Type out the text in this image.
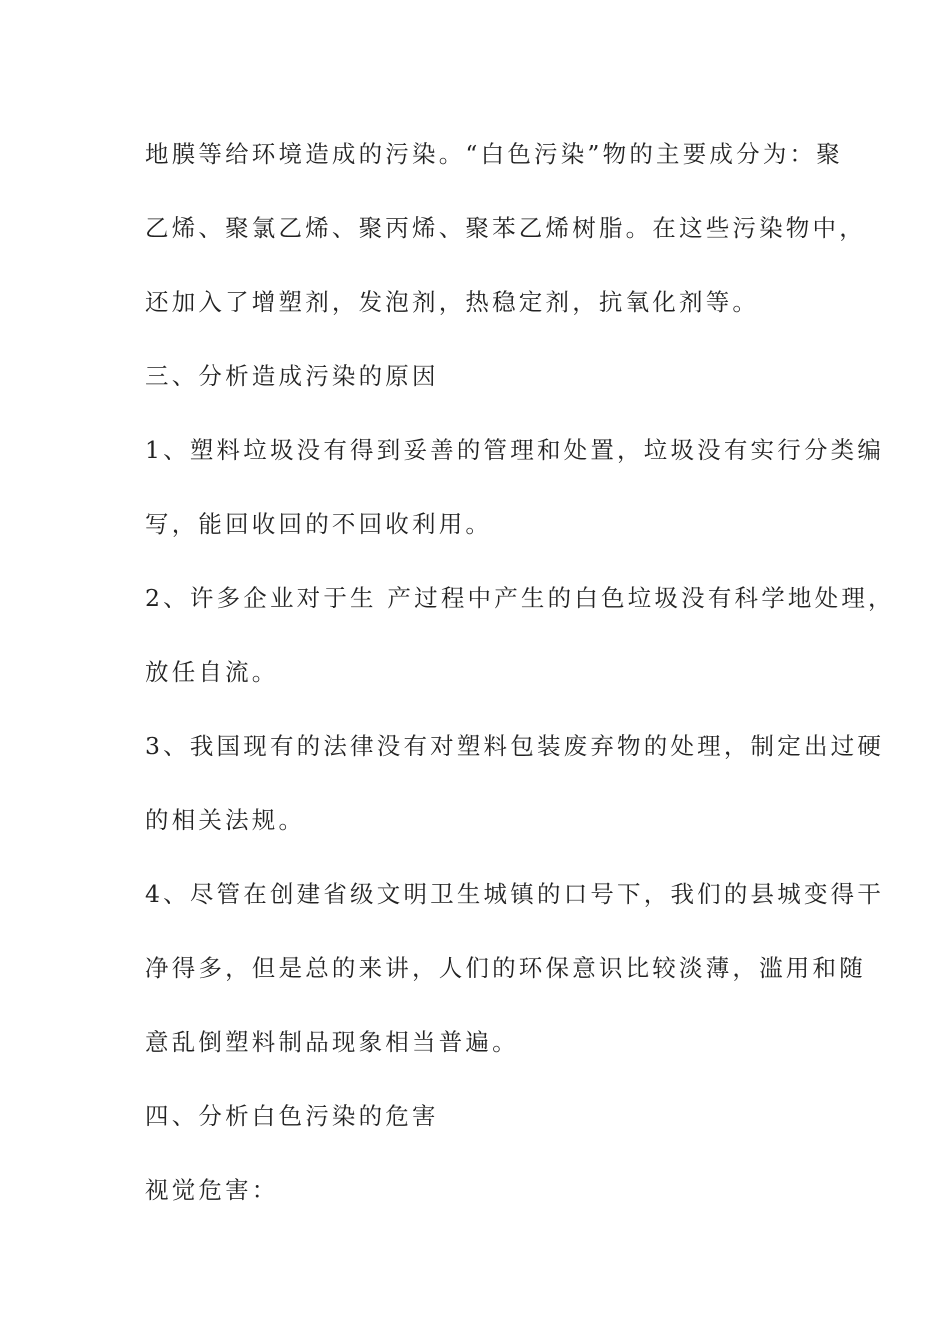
地膜等给环境造成的污染。“白色污染”物的主要成分为：聚
乙烯、聚氯乙烯、聚丙烯、聚苯乙烯树脂。在这些污染物中，
还加入了增塑剂，发泡剂，热稳定剂，抗氧化剂等。
三、分析造成污染的原因
1、塑料垃圾没有得到妥善的管理和处置，垃圾没有实行分类编
写，能回收回的不回收利用。
2、许多企业对于生 产过程中产生的白色垃圾没有科学地处理，
放任自流。
3、我国现有的法律没有对塑料包装废弃物的处理，制定出过硬
的相关法规。
4、尽管在创建省级文明卫生城镇的口号下，我们的县城变得干
净得多，但是总的来讲，人们的环保意识比较淡薄，滥用和随
意乱倒塑料制品现象相当普遍。
四、分析白色污染的危害
视觉危害：
